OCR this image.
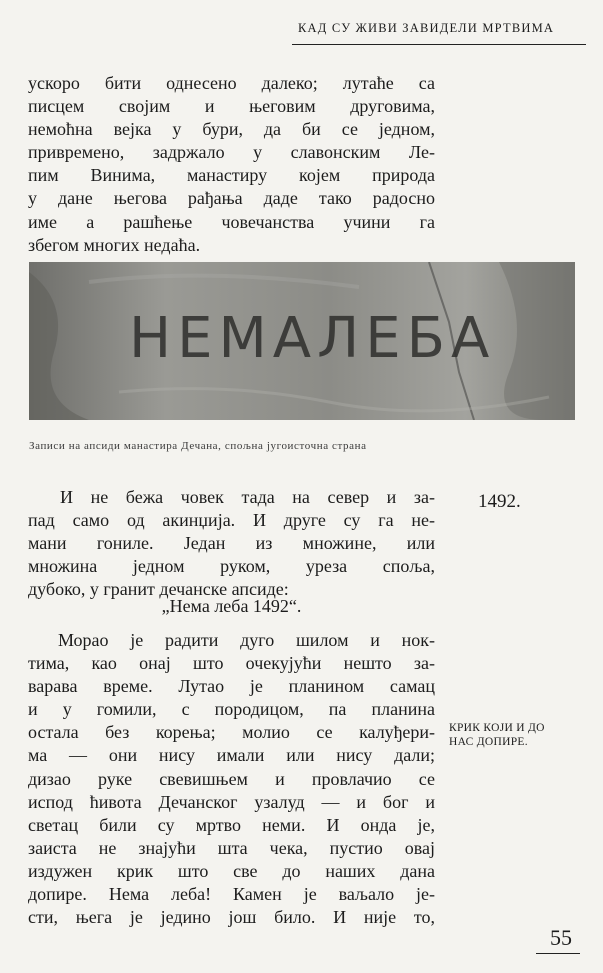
КАД СУ ЖИВИ ЗАВИДЕЛИ МРТВИМА

ускоро бити однесено далеко; лутаће са

писцем своjим и његовим друговима,

немоћна вејка у бури, да би се једном,

привремено, задржало у славонским Ле-

пим Винима, манастиру којем природа

у дане његова рађања даде тако радосно

име а рашћење човечанства учини га

збегом многих недаћа.

НЕМАЛЕБА
Записи на апсиди манастира Дечана, спољна југоисточна страна

И не бежа човек тада на север и за-

пад само од акинџија. И друге су га не-

мани гониле. Један из множине, или

множина једном руком, уреза споља,

дубоко, у гранит дечанске апсиде:

„Нема леба 1492“.

Морао је радити дуго шилом и нок-

тима, као онај што очекујући нешто за-

варава време. Лутао је планином самац

и у гомили, с породицом, па планина

остала без корења; молио се калуђери-

ма — они нису имали или нису дали;

дизао руке свевишњем и провлачио се

испод ћивота Дечанског узалуд — и бог и

светац били су мртво неми. И онда је,

заиста не знајући шта чека, пустио овај

издужен крик што све до наших дана

допире. Нема леба! Камен је ваљало је-

сти, њега је једино још било. И није то,

1492.
КРИК КОЈИ И ДО
НАС ДОПИРЕ.
55
